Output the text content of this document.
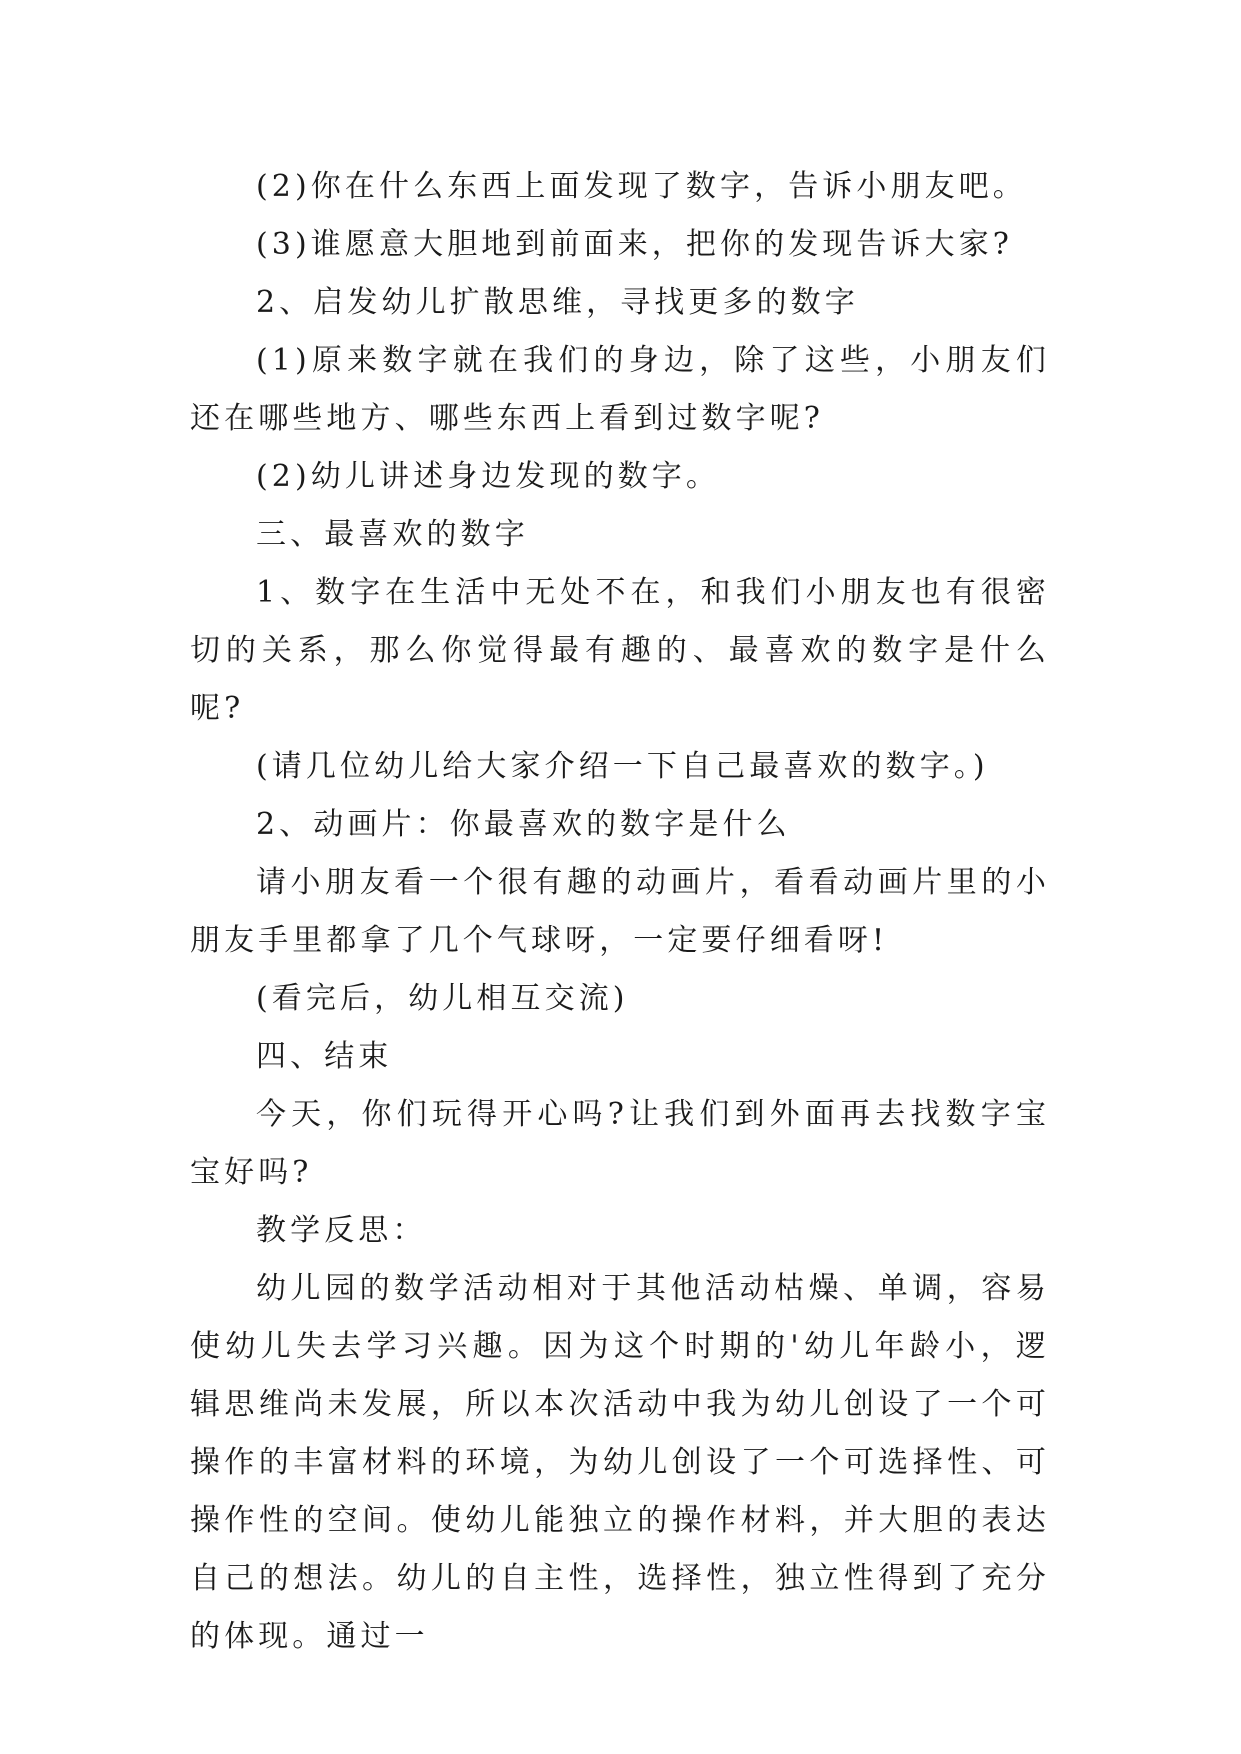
(2)你在什么东西上面发现了数字，告诉小朋友吧。

(3)谁愿意大胆地到前面来，把你的发现告诉大家?

2、启发幼儿扩散思维，寻找更多的数字

(1)原来数字就在我们的身边，除了这些，小朋友们还在哪些地方、哪些东西上看到过数字呢?

(2)幼儿讲述身边发现的数字。

三、最喜欢的数字

1、数字在生活中无处不在，和我们小朋友也有很密切的关系，那么你觉得最有趣的、最喜欢的数字是什么呢?

(请几位幼儿给大家介绍一下自己最喜欢的数字。)

2、动画片：你最喜欢的数字是什么

请小朋友看一个很有趣的动画片，看看动画片里的小朋友手里都拿了几个气球呀，一定要仔细看呀!

(看完后，幼儿相互交流)

四、结束

今天，你们玩得开心吗?让我们到外面再去找数字宝宝好吗?

教学反思：

幼儿园的数学活动相对于其他活动枯燥、单调，容易使幼儿失去学习兴趣。因为这个时期的'幼儿年龄小，逻辑思维尚未发展，所以本次活动中我为幼儿创设了一个可操作的丰富材料的环境，为幼儿创设了一个可选择性、可操作性的空间。使幼儿能独立的操作材料，并大胆的表达自己的想法。幼儿的自主性，选择性，独立性得到了充分的体现。通过一
